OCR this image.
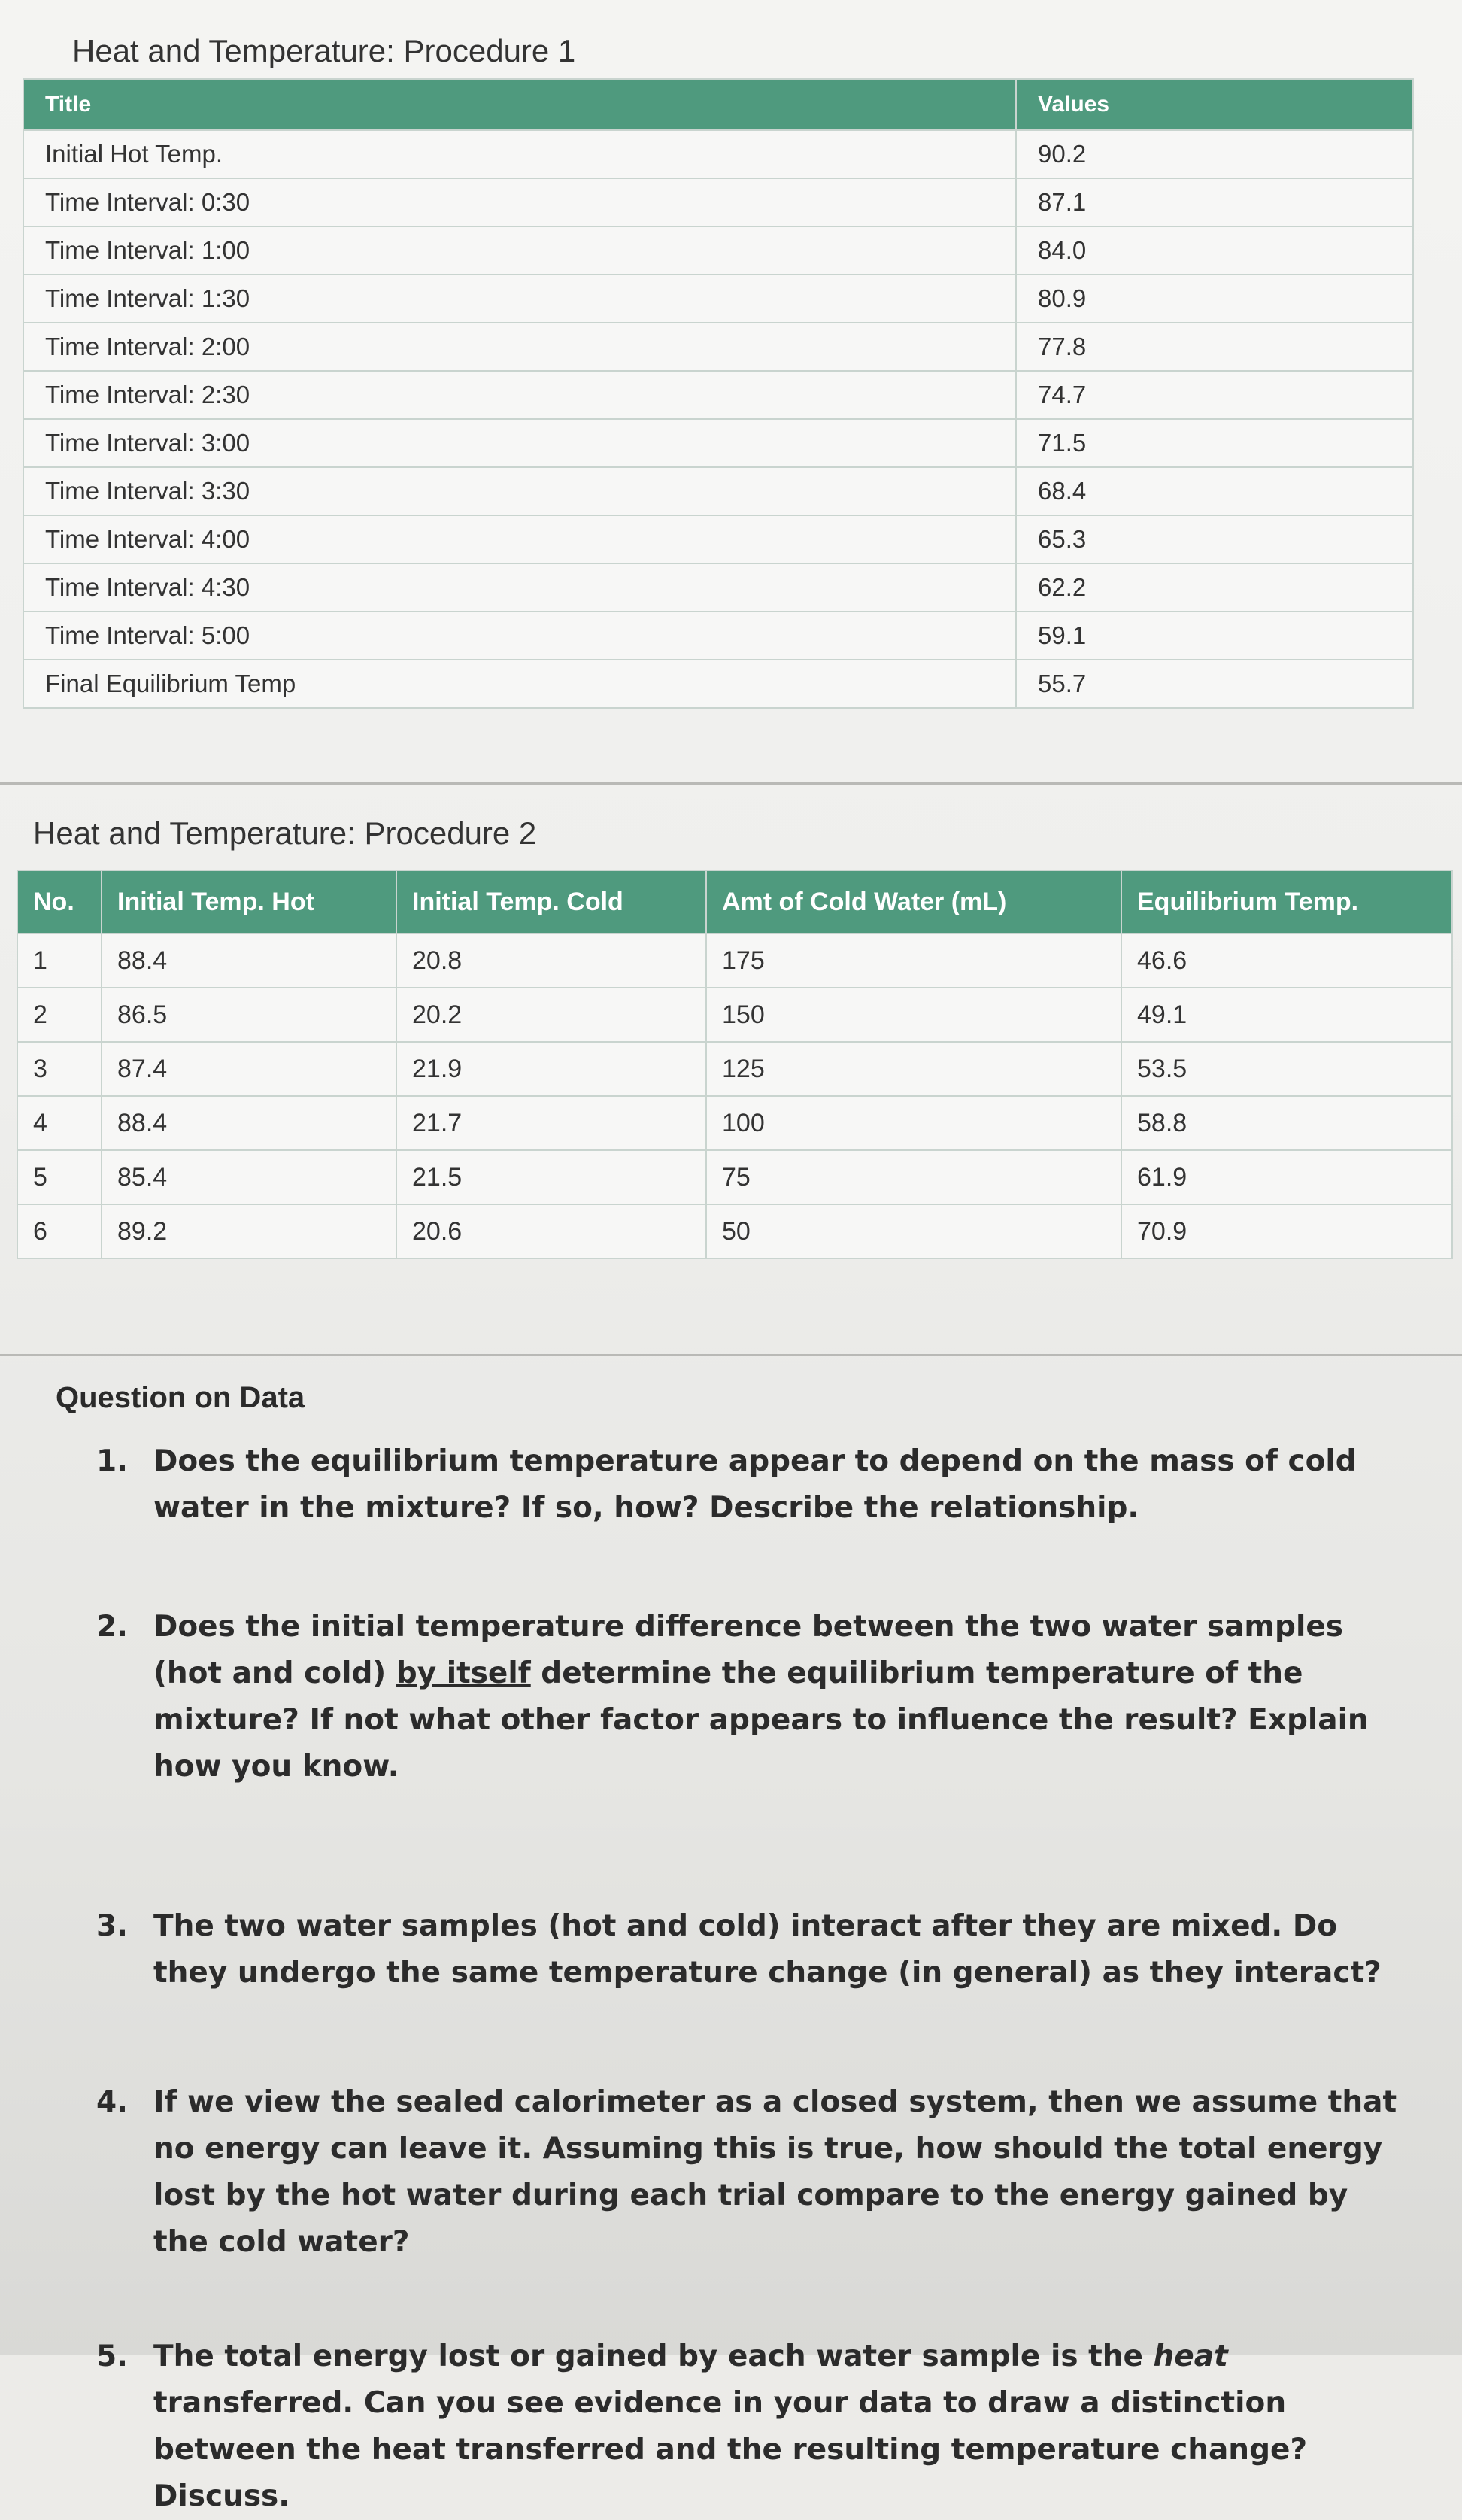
Heat and Temperature: Procedure 1
Title	Values
Initial Hot Temp.	90.2
Time Interval: 0:30	87.1
Time Interval: 1:00	84.0
Time Interval: 1:30	80.9
Time Interval: 2:00	77.8
Time Interval: 2:30	74.7
Time Interval: 3:00	71.5
Time Interval: 3:30	68.4
Time Interval: 4:00	65.3
Time Interval: 4:30	62.2
Time Interval: 5:00	59.1
Final Equilibrium Temp	55.7
Heat and Temperature: Procedure 2
No.	Initial Temp. Hot	Initial Temp. Cold	Amt of Cold Water (mL)	Equilibrium Temp.
1	88.4	20.8	175	46.6
2	86.5	20.2	150	49.1
3	87.4	21.9	125	53.5
4	88.4	21.7	100	58.8
5	85.4	21.5	75	61.9
6	89.2	20.6	50	70.9
Question on Data
1. Does the equilibrium temperature appear to depend on the mass of cold water in the mixture? If so, how? Describe the relationship.
2. Does the initial temperature difference between the two water samples (hot and cold) by itself determine the equilibrium temperature of the mixture? If not what other factor appears to influence the result? Explain how you know.
3. The two water samples (hot and cold) interact after they are mixed. Do they undergo the same temperature change (in general) as they interact?
4. If we view the sealed calorimeter as a closed system, then we assume that no energy can leave it. Assuming this is true, how should the total energy lost by the hot water during each trial compare to the energy gained by the cold water?
5. The total energy lost or gained by each water sample is the heat transferred. Can you see evidence in your data to draw a distinction between the heat transferred and the resulting temperature change? Discuss.
